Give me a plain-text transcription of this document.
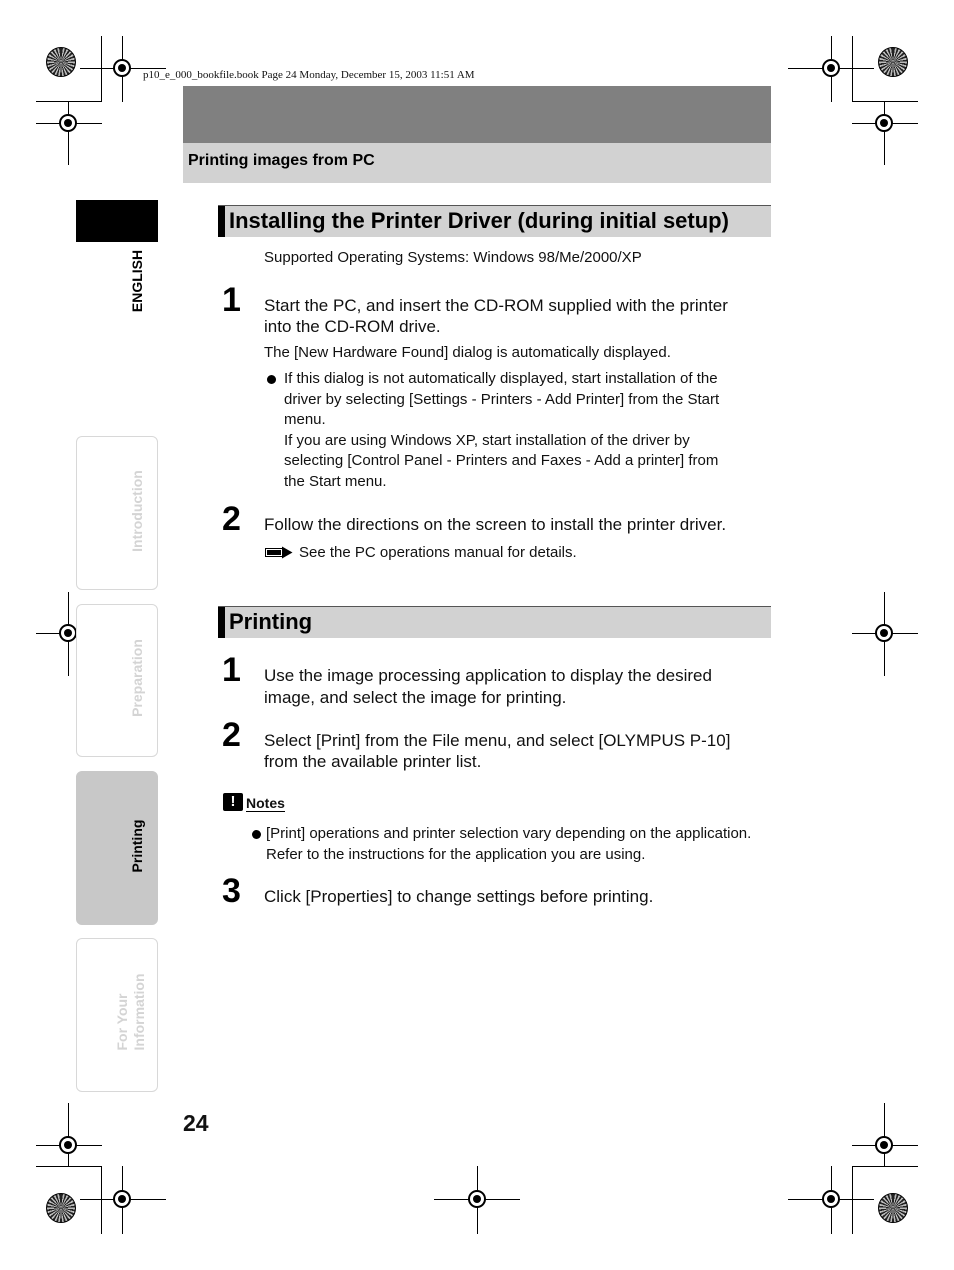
p10_e_000_bookfile.book Page 24 Monday, December 15, 2003 11:51 AM
Printing images from PC
ENGLISH
Introduction
Preparation
Printing
For Your Information
Installing the Printer Driver (during initial setup)
Supported Operating Systems: Windows 98/Me/2000/XP
1 Start the PC, and insert the CD-ROM supplied with the printer
into the CD-ROM drive.
The [New Hardware Found] dialog is automatically displayed.
If this dialog is not automatically displayed, start installation of the
driver by selecting [Settings - Printers - Add Printer] from the Start
menu.
If you are using Windows XP, start installation of the driver by
selecting [Control Panel - Printers and Faxes - Add a printer] from
the Start menu.
2 Follow the directions on the screen to install the printer driver.
See the PC operations manual for details.
Printing
1 Use the image processing application to display the desired
image, and select the image for printing.
2 Select [Print] from the File menu, and select [OLYMPUS P-10]
from the available printer list.
! Notes
[Print] operations and printer selection vary depending on the application.
Refer to the instructions for the application you are using.
3 Click [Properties] to change settings before printing.
24
